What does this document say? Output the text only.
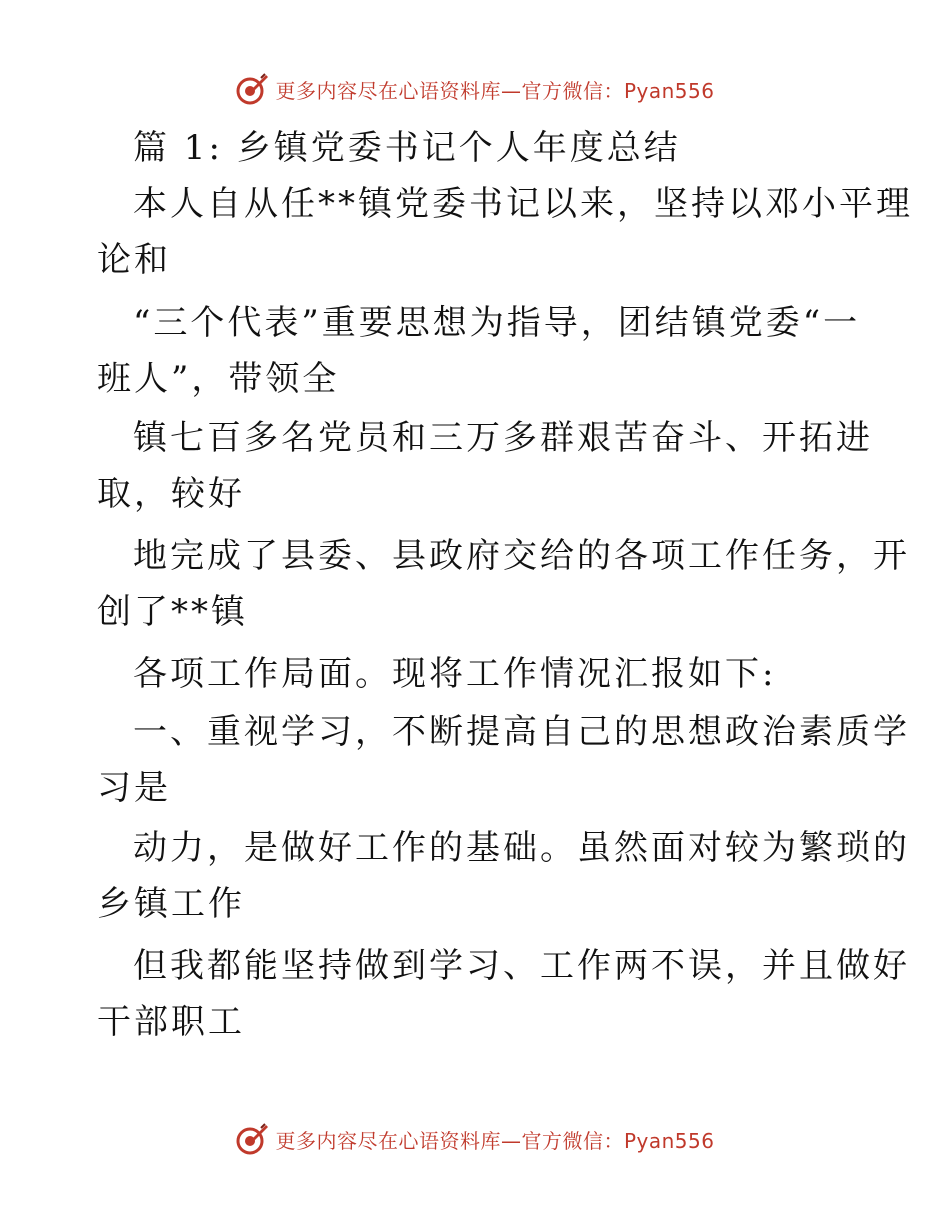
更多内容尽在心语资料库—官方微信：Pyan556
篇 1: 乡镇党委书记个人年度总结
本人自从任**镇党委书记以来，坚持以邓小平理
论和
“三个代表”重要思想为指导，团结镇党委“一
班人”，带领全
镇七百多名党员和三万多群艰苦奋斗、开拓进
取，较好
地完成了县委、县政府交给的各项工作任务，开
创了**镇
各项工作局面。现将工作情况汇报如下:
一、重视学习，不断提高自己的思想政治素质学
习是
动力，是做好工作的基础。虽然面对较为繁琐的
乡镇工作
但我都能坚持做到学习、工作两不误，并且做好
干部职工
更多内容尽在心语资料库—官方微信：Pyan556
